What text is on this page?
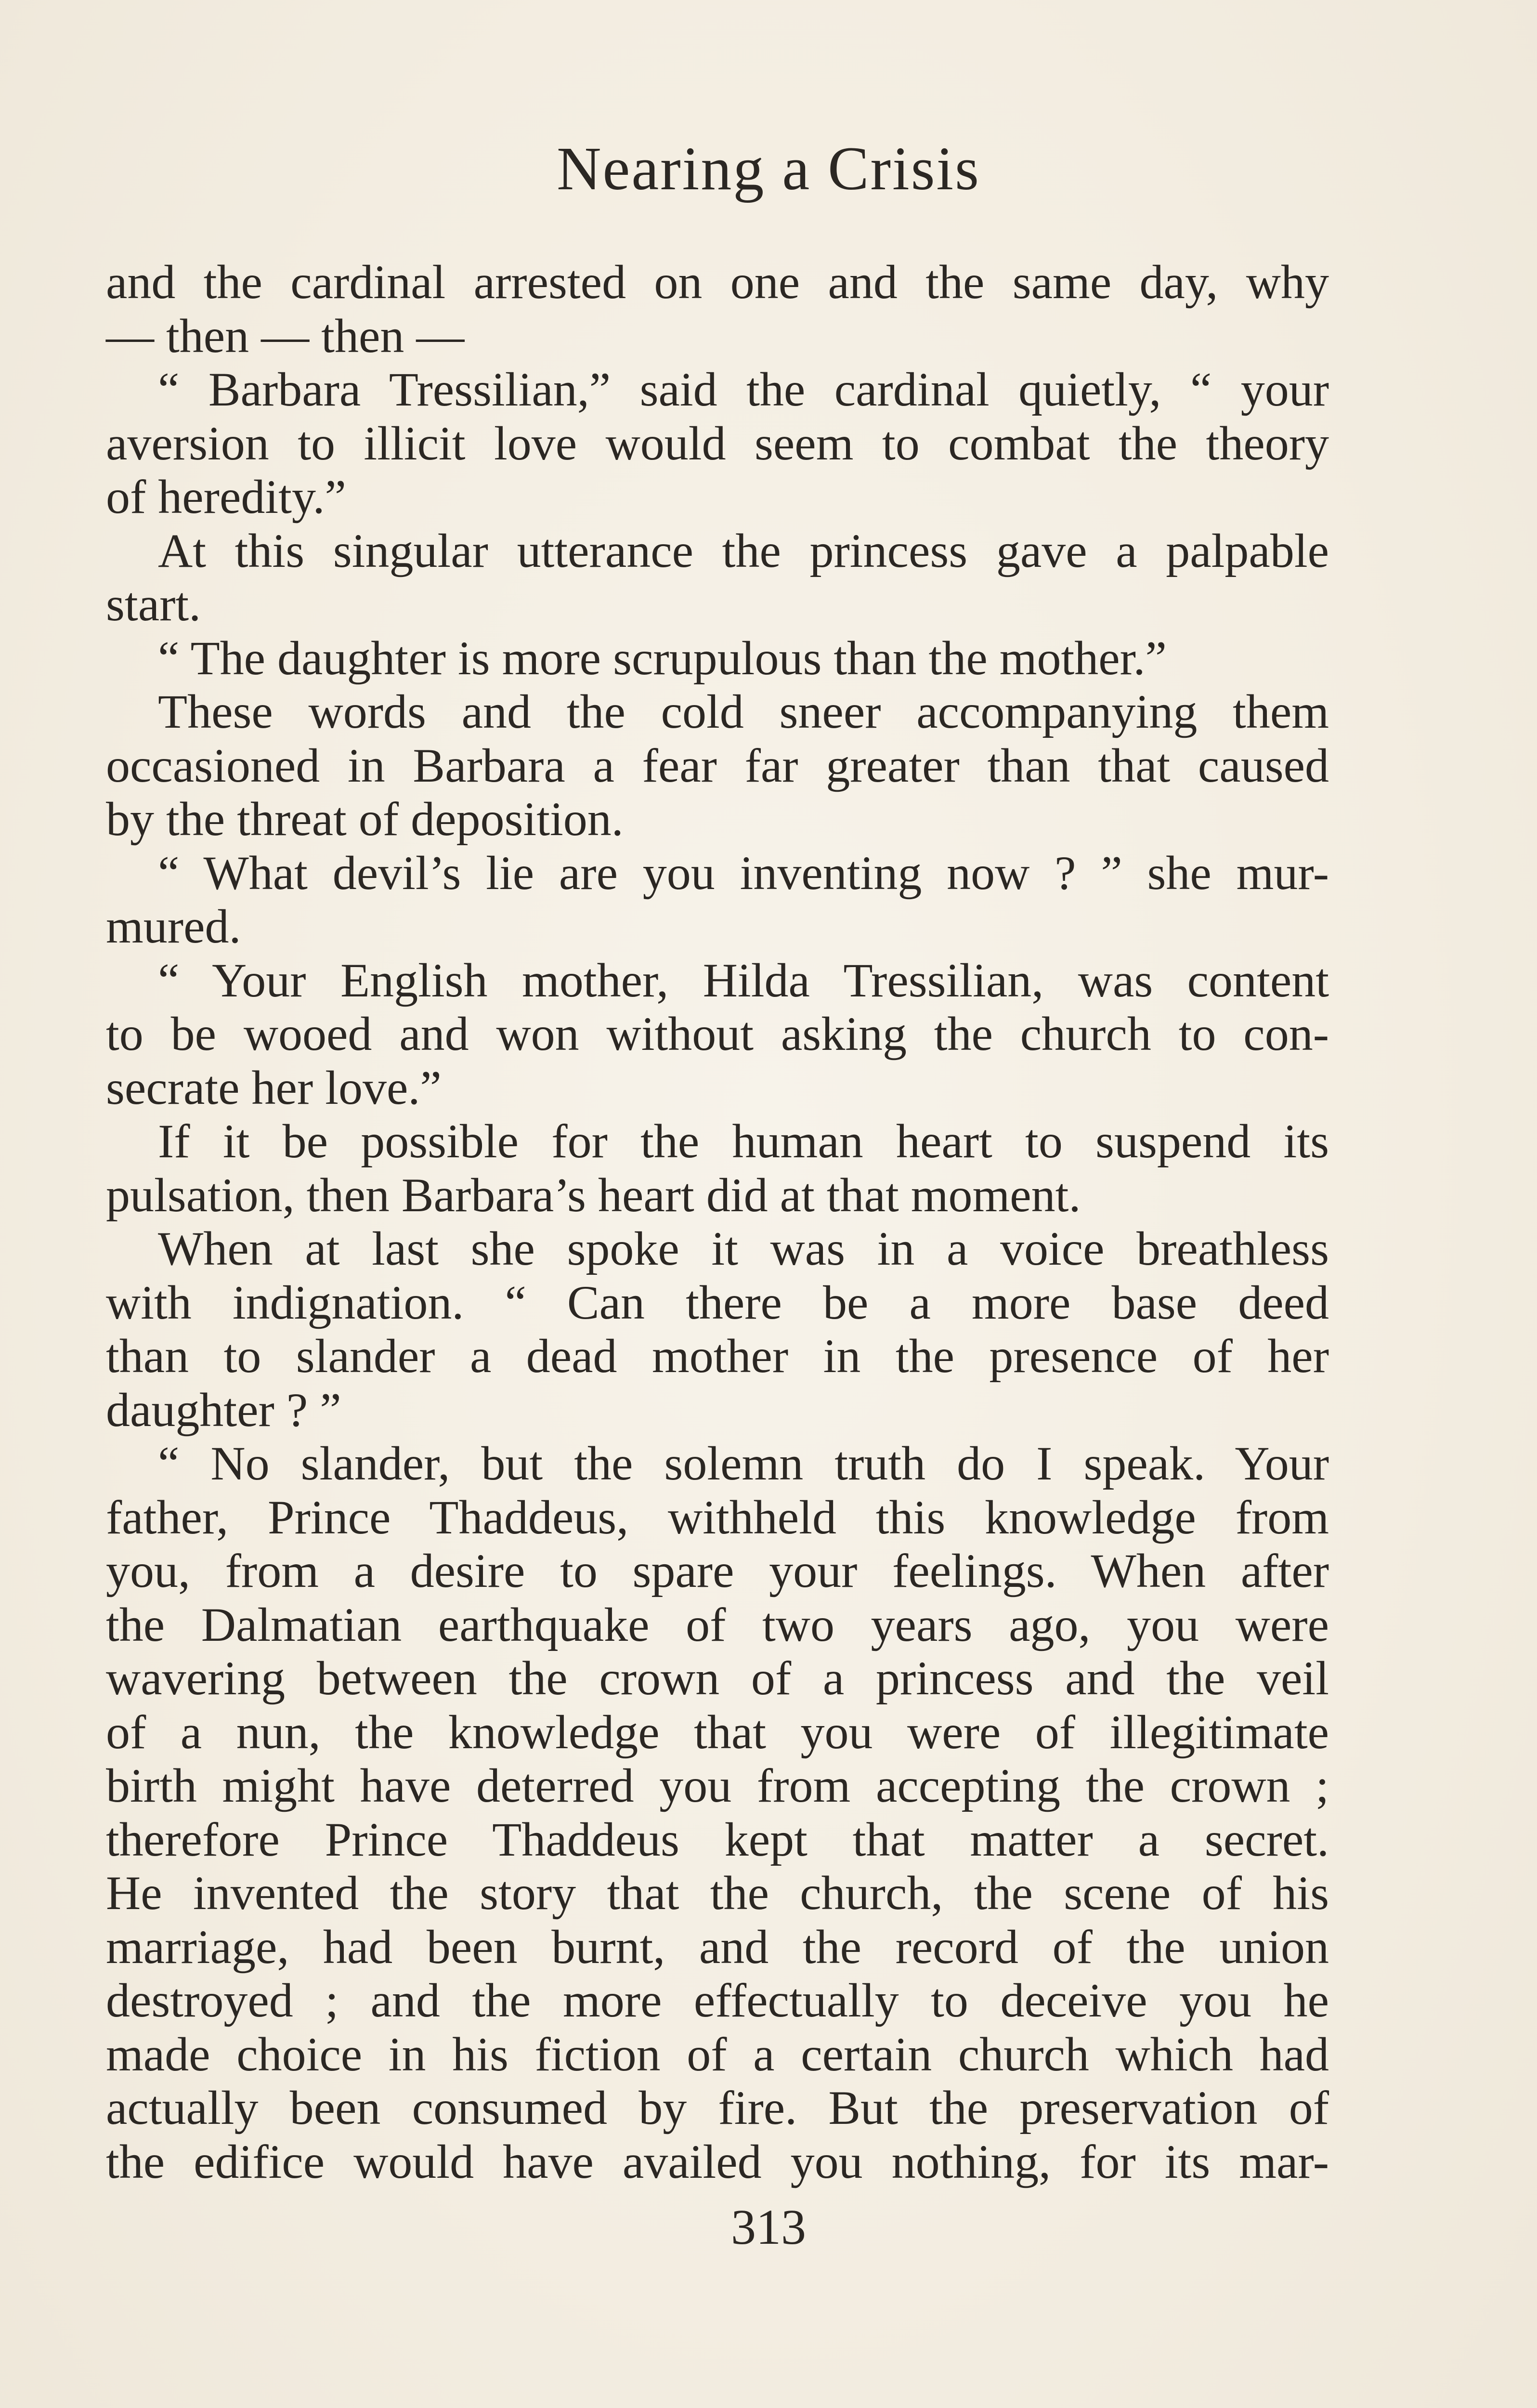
Nearing a Crisis

and the cardinal arrested on one and the same day, why

— then — then —

“ Barbara Tressilian,” said the cardinal quietly, “ your

aversion to illicit love would seem to combat the theory

of heredity.”

At this singular utterance the princess gave a palpable

start.

“ The daughter is more scrupulous than the mother.”

These words and the cold sneer accompanying them

occasioned in Barbara a fear far greater than that caused

by the threat of deposition.

“ What devil’s lie are you inventing now ? ” she mur-

mured.

“ Your English mother, Hilda Tressilian, was content

to be wooed and won without asking the church to con-

secrate her love.”

If it be possible for the human heart to suspend its

pulsation, then Barbara’s heart did at that moment.

When at last she spoke it was in a voice breathless

with indignation. “ Can there be a more base deed

than to slander a dead mother in the presence of her

daughter ? ”

“ No slander, but the solemn truth do I speak. Your

father, Prince Thaddeus, withheld this knowledge from

you, from a desire to spare your feelings. When after

the Dalmatian earthquake of two years ago, you were

wavering between the crown of a princess and the veil

of a nun, the knowledge that you were of illegitimate

birth might have deterred you from accepting the crown ;

therefore Prince Thaddeus kept that matter a secret.

He invented the story that the church, the scene of his

marriage, had been burnt, and the record of the union

destroyed ; and the more effectually to deceive you he

made choice in his fiction of a certain church which had

actually been consumed by fire. But the preservation of

the edifice would have availed you nothing, for its mar-

313
